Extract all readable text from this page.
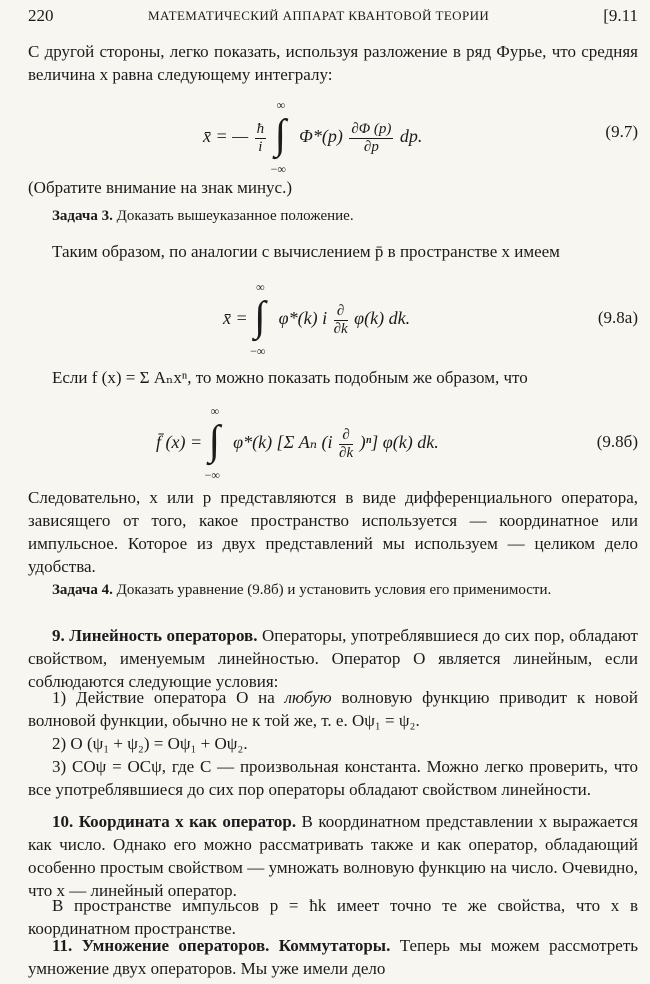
220	МАТЕМАТИЧЕСКИЙ АППАРАТ КВАНТОВОЙ ТЕОРИИ	[9.11
С другой стороны, легко показать, используя разложение в ряд Фурье, что средняя величина x равна следующему интегралу:
x̄ = — $\frac{ħ}{i}$

∞
∫
−∞
$\Phi*(p) \frac{\partial\Phi (p)}{\partial p}$ dp.	(9.7)
(Обратите внимание на знак минус.)
Задача 3. Доказать вышеуказанное положение.
Таким образом, по аналогии с вычислением p̄ в пространстве x имеем
x̄ =
∞
∫
−∞
φ*(k) i $\frac{\partial}{\partial k} \varphi(k)$ dk.	(9.8a)
Если f (x) = Σ Aₙxⁿ, то можно показать подобным же образом, что
f̄ (x) =
∞
∫
−∞
φ*(k) [Σ Aₙ $(i \frac{\partial}{\partial k} )^n$] φ(k) dk.	(9.8б)
Следовательно, x или p представляются в виде дифференциального оператора, зависящего от того, какое пространство используется — координатное или импульсное. Которое из двух представлений мы используем — целиком дело удобства.
Задача 4. Доказать уравнение (9.8б) и установить условия его применимости.
9. Линейность операторов. Операторы, употреблявшиеся до сих пор, обладают свойством, именуемым линейностью. Оператор O является линейным, если соблюдаются следующие условия:
1) Действие оператора O на любую волновую функцию приводит к новой волновой функции, обычно не к той же, т. е. Oψ₁ = ψ₂.
2) O (ψ₁ + ψ₂) = Oψ₁ + Oψ₂.
3) COψ = OCψ, где C — произвольная константа. Можно легко проверить, что все употреблявшиеся до сих пор операторы обладают свойством линейности.
10. Координата x как оператор. В координатном представлении x выражается как число. Однако его можно рассматривать также и как оператор, обладающий особенно простым свойством — умножать волновую функцию на число. Очевидно, что x — линейный оператор.
В пространстве импульсов p = ħk имеет точно те же свойства, что x в координатном пространстве.
11. Умножение операторов. Коммутаторы. Теперь мы можем рассмотреть умножение двух операторов. Мы уже имели дело
